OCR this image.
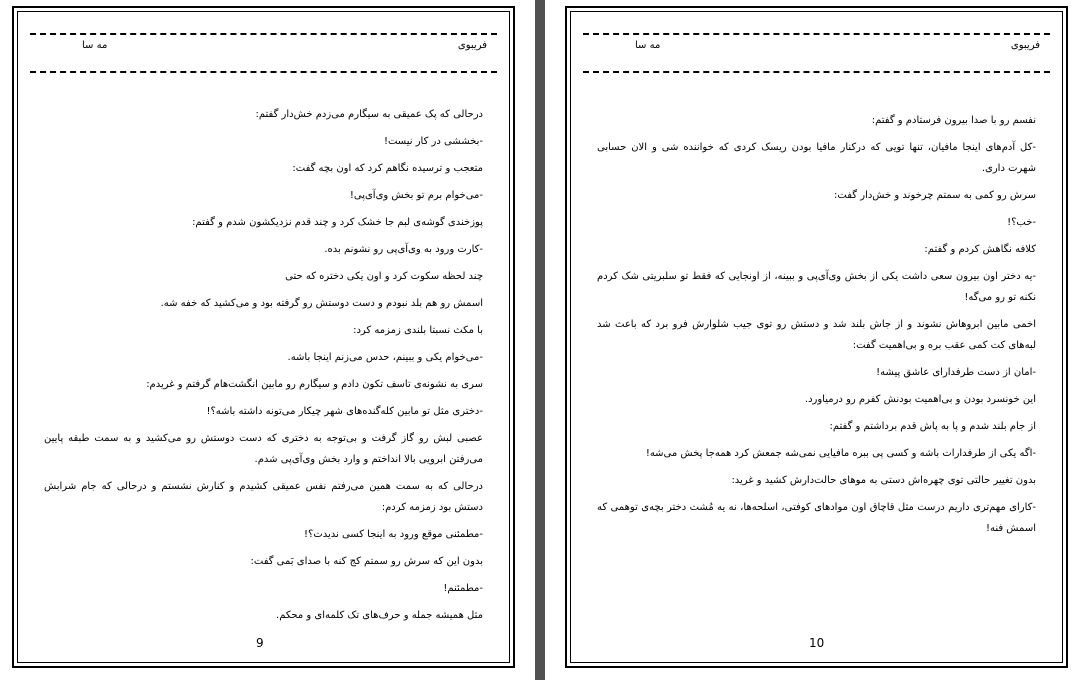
فریبوی
مه سا

درحالی که پک عمیقی به سیگارم می‌زدم خش‌دار گفتم:

-بخششی در کار نیست!

متعجب و ترسیده نگاهم کرد که اون بچه گفت:

-می‌خوام برم تو بخش وی‌آی‌پی!

پوزخندی گوشه‌ی لبم جا خشک کرد و چند قدم نزدیکشون شدم و گفتم:

-کارت ورود به وی‌آی‌پی رو نشونم بده.

چند لحظه سکوت کرد و اون یکی دختره که حتی

اسمش رو هم بلد نبودم و دست دوستش رو گرفته بود و می‌کشید که خفه شه.

با مکث نسبتا بلندی زمزمه کرد:

-می‌خوام یکی و ببینم، حدس می‌زنم اینجا باشه.

سری به نشونه‌ی تاسف تکون دادم و سیگارم رو مابین انگشت‌هام گرفتم و غریدم:

-دختری مثل تو مابین کله‌گنده‌های شهر چیکار می‌تونه داشته باشه؟!

عصبی لبش رو گاز گرفت و بی‌توجه به دختری که دست دوستش رو می‌کشید و به سمت طبقه پایین می‌رفتن ابرویی بالا انداختم و وارد بخش وی‌آی‌پی شدم.

درحالی که به سمت همین می‌رفتم نفس عمیقی کشیدم و کنارش نشستم و درحالی که جام شرابش دستش بود زمزمه کردم:

-مطمئنی موقع ورود به اینجا کسی ندیدت؟!

بدون این که سرش رو سمتم کج کنه با صدای بَمی گفت:

-مطمئنم!

مثل همیشه جمله و حرف‌های تک کلمه‌ای و محکم.

9
فریبوی
مه سا

نفسم رو با صدا بیرون فرستادم و گفتم:

-کل آدم‌های اینجا مافیان، تنها تویی که درکنار مافیا بودن ریسک کردی که خواننده شی و الان حسابی شهرت داری.

سرش رو کمی به سمتم چرخوند و خش‌دار گفت:

-خب؟!

کلافه نگاهش کردم و گفتم:

-یه دختر اون بیرون سعی داشت یکی از بخش وی‌آی‌پی و ببینه، از اونجایی که فقط تو سلبریتی شک کردم نکنه تو رو می‌گه!

اخمی مابین ابروهاش نشوند و از جاش بلند شد و دستش رو توی جیب شلوارش فرو برد که باعث شد لبه‌های کت کمی عقب بره و بی‌اهمیت گفت:

-امان از دست طرفدارای عاشق پیشه!

این خونسرد بودن و بی‌اهمیت بودنش کفرم رو درمیاورد.

از جام بلند شدم و پا به پاش قدم برداشتم و گفتم:

-اگه یکی از طرفدارات باشه و کسی پی ببره مافیایی نمی‌شه جمعش کرد همه‌جا پخش می‌شه!

بدون تغییر حالتی توی چهره‌اش دستی به موهای حالت‌دارش کشید و غرید:

-کارای مهم‌تری داریم درست مثل قاچاق اون موادهای کوفتی، اسلحه‌ها، نه یه مُشت دختر بچه‌ی توهمی که اسمش فنه!

10
